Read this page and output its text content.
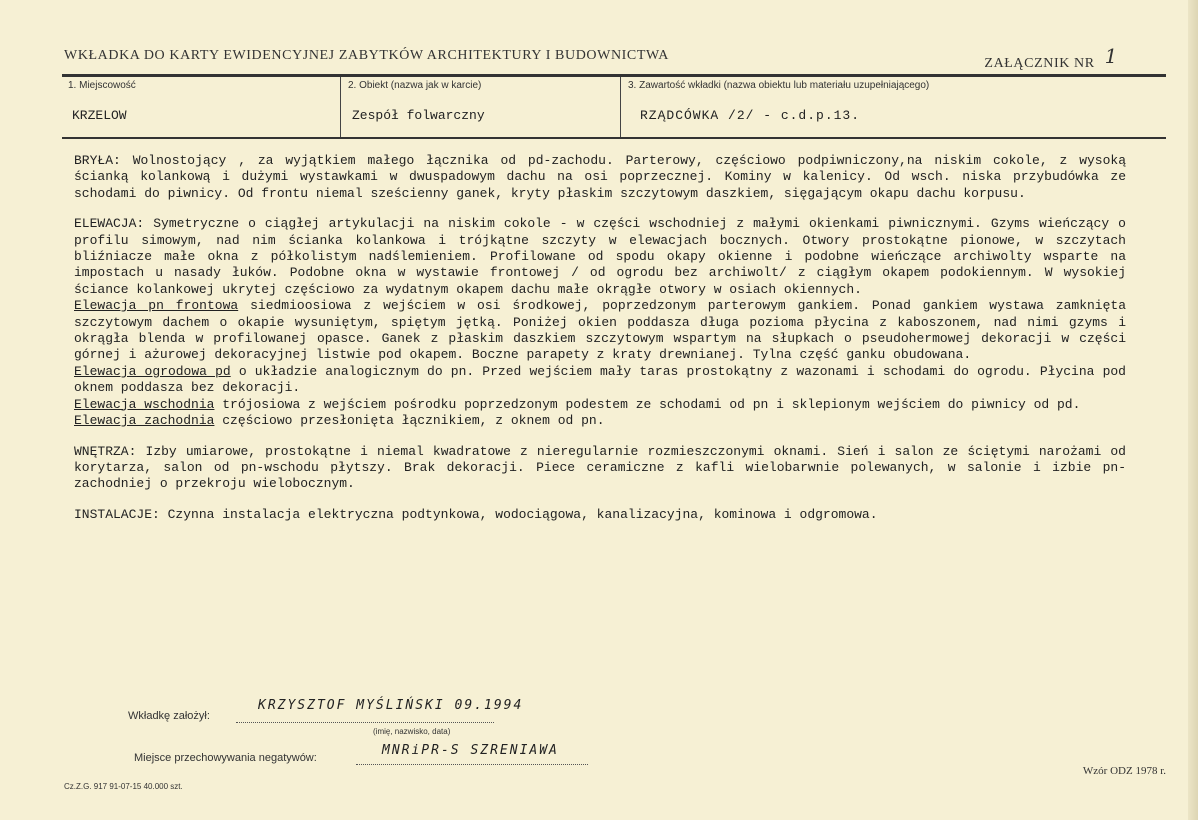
WKŁADKA DO KARTY EWIDENCYJNEJ ZABYTKÓW ARCHITEKTURY I BUDOWNICTWA
ZAŁĄCZNIK NR 1
1. Miejscowość
KRZELOW
2. Obiekt (nazwa jak w karcie)
Zespół folwarczny
3. Zawartość wkładki (nazwa obiektu lub materiału uzupełniającego)
RZĄDCÓWKA /2/ - c.d.p.13.

BRYŁA: Wolnostojący , za wyjątkiem małego łącznika od pd-zachodu. Parterowy, częściowo podpiwniczony,na niskim cokole, z wysoką ścianką kolankową i dużymi wystawkami w dwuspadowym dachu na osi poprzecznej. Kominy w kalenicy. Od wsch. niska przybudówka ze schodami do piwnicy. Od frontu niemal sześcienny ganek, kryty płaskim szczytowym daszkiem, sięgającym okapu dachu korpusu.

ELEWACJA: Symetryczne o ciągłej artykulacji na niskim cokole - w części wschodniej z małymi okienkami piwnicznymi. Gzyms wieńczący o profilu simowym, nad nim ścianka kolankowa i trójkątne szczyty w elewacjach bocznych. Otwory prostokątne pionowe, w szczytach bliźniacze małe okna z półkolistym nadślemieniem. Profilowane od spodu okapy okienne i podobne wieńczące archiwolty wsparte na impostach u nasady łuków. Podobne okna w wystawie frontowej / od ogrodu bez archiwolt/ z ciągłym okapem podokiennym. W wysokiej ściance kolankowej ukrytej częściowo za wydatnym okapem dachu małe okrągłe otwory w osiach okiennych.

Elewacja pn frontowa siedmioosiowa z wejściem w osi środkowej, poprzedzonym parterowym gankiem. Ponad gankiem wystawa zamknięta szczytowym dachem o okapie wysuniętym, spiętym jętką. Poniżej okien poddasza długa pozioma płycina z kaboszonem, nad nimi gzyms i okrągła blenda w profilowanej opasce. Ganek z płaskim daszkiem szczytowym wspartym na słupkach o pseudohermowej dekoracji w części górnej i ażurowej dekoracyjnej listwie pod okapem. Boczne parapety z kraty drewnianej. Tylna część ganku obudowana.

Elewacja ogrodowa pd o układzie analogicznym do pn. Przed wejściem mały taras prostokątny z wazonami i schodami do ogrodu. Płycina pod oknem poddasza bez dekoracji.

Elewacja wschodnia trójosiowa z wejściem pośrodku poprzedzonym podestem ze schodami od pn i sklepionym wejściem do piwnicy od pd.

Elewacja zachodnia częściowo przesłonięta łącznikiem, z oknem od pn.

WNĘTRZA: Izby umiarowe, prostokątne i niemal kwadratowe z nieregularnie rozmieszczonymi oknami. Sień i salon ze ściętymi narożami od korytarza, salon od pn-wschodu płytszy. Brak dekoracji. Piece ceramiczne z kafli wielobarwnie polewanych, w salonie i izbie pn-zachodniej o przekroju wielobocznym.

INSTALACJE: Czynna instalacja elektryczna podtynkowa, wodociągowa, kanalizacyjna, kominowa i odgromowa.

Wkładkę założył:
KRZYSZTOF MYŚLIŃSKI 09.1994
(imię, nazwisko, data)
Miejsce przechowywania negatywów:	MNRiPR-S SZRENIAWA
Cz.Z.G. 917 91-07-15 40.000 szt.
Wzór ODZ 1978 r.
